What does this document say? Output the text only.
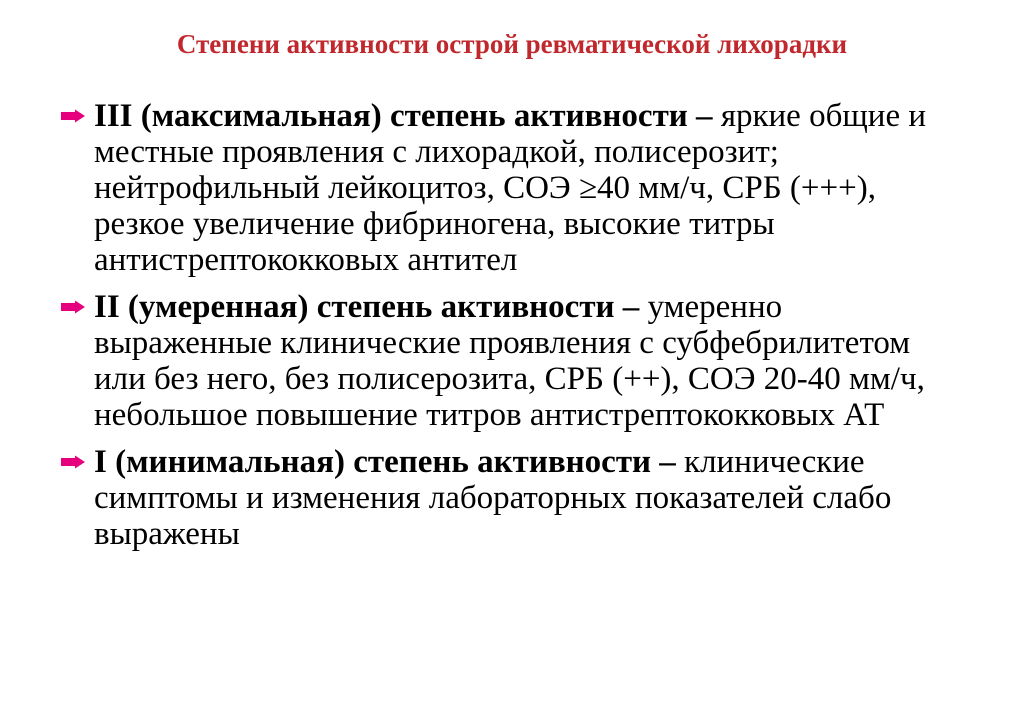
Степени активности острой ревматической лихорадки
III (максимальная) степень активности – яркие общие и местные проявления с лихорадкой, полисерозит; нейтрофильный лейкоцитоз, СОЭ ≥40 мм/ч, СРБ (+++), резкое увеличение фибриногена, высокие титры антистрептококковых антител
II (умеренная) степень активности – умеренно выраженные клинические проявления с субфебрилитетом или без него, без полисерозита, СРБ (++), СОЭ 20-40 мм/ч, небольшое повышение титров антистрептококковых АТ
I (минимальная) степень активности – клинические симптомы и изменения лабораторных показателей слабо выражены
